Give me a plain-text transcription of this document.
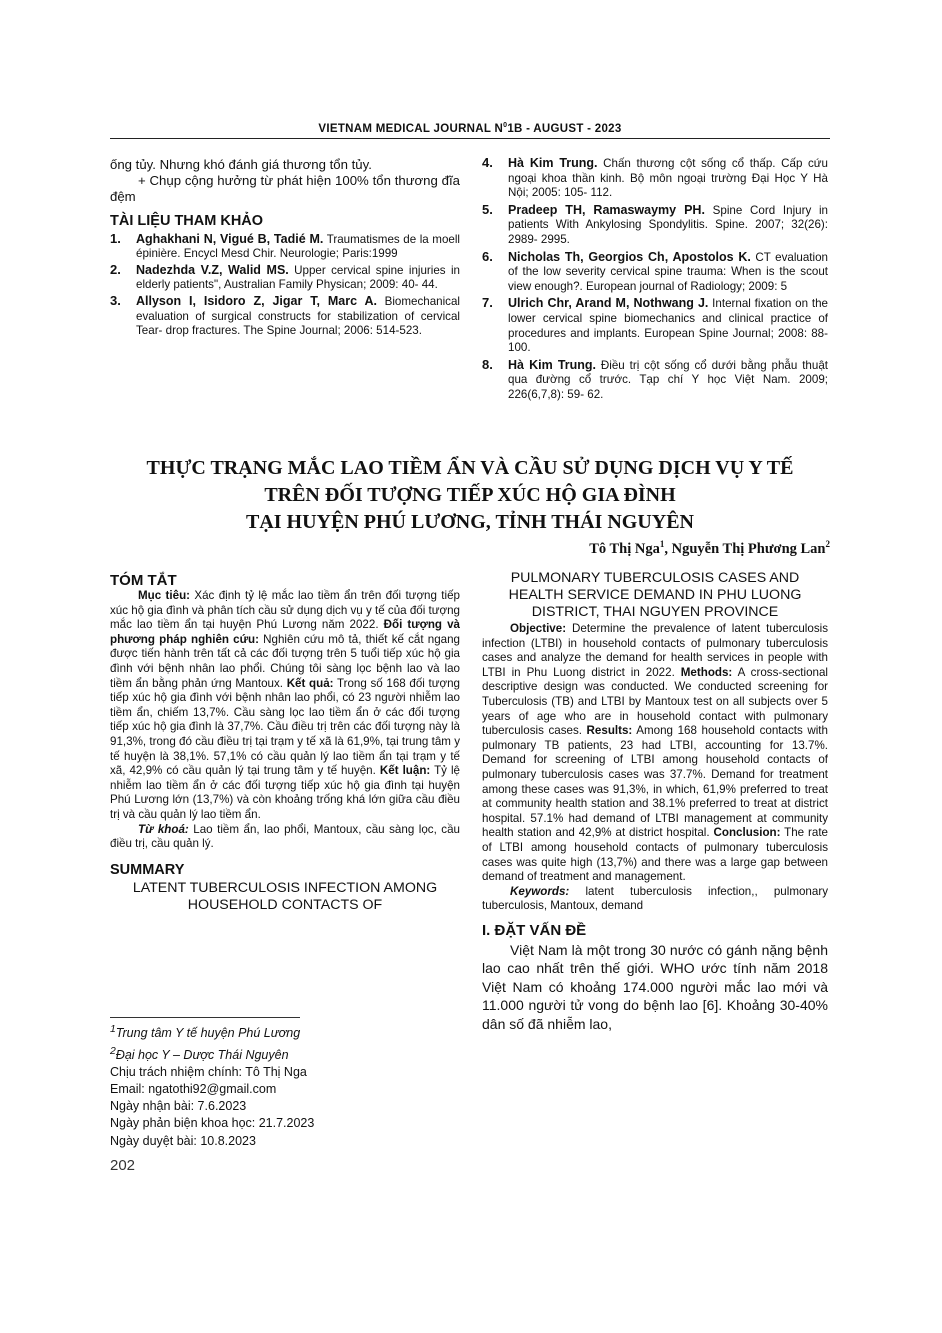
VIETNAM MEDICAL JOURNAL $N^01B$ - AUGUST - 2023
ống tủy. Nhưng khó đánh giá thương tổn tủy.
+ Chụp cộng hưởng từ phát hiện 100% tổn thương đĩa đệm
TÀI LIỆU THAM KHẢO
1. Aghakhani N, Vigué B, Tadié M. Traumatismes de la moell épinière. Encycl Mesd Chir. Neurologie; Paris:1999
2. Nadezhda V.Z, Walid MS. Upper cervical spine injuries in elderly patients", Australian Family Physican; 2009: 40- 44.
3. Allyson I, Isidoro Z, Jigar T, Marc A. Biomechanical evaluation of surgical constructs for stabilization of cervical Tear- drop fractures. The Spine Journal; 2006: 514-523.
4. Hà Kim Trung. Chấn thương cột sống cổ thấp. Cấp cứu ngoại khoa thần kinh. Bộ môn ngoại trường Đại Học Y Hà Nội; 2005: 105- 112.
5. Pradeep TH, Ramaswaymy PH. Spine Cord Injury in patients With Ankylosing Spondylitis. Spine. 2007; 32(26): 2989- 2995.
6. Nicholas Th, Georgios Ch, Apostolos K. CT evaluation of the low severity cervical spine trauma: When is the scout view enough?. European journal of Radiology; 2009: 5
7. Ulrich Chr, Arand M, Nothwang J. Internal fixation on the lower cervical spine biomechanics and clinical practice of procedures and implants. European Spine Journal; 2008: 88- 100.
8. Hà Kim Trung. Điều trị cột sống cổ dưới bằng phẫu thuật qua đường cổ trước. Tạp chí Y học Việt Nam. 2009; 226(6,7,8): 59- 62.
THỰC TRẠNG MẮC LAO TIỀM ẨN VÀ CẦU SỬ DỤNG DỊCH VỤ Y TẾ
TRÊN ĐỐI TƯỢNG TIẾP XÚC HỘ GIA ĐÌNH
TẠI HUYỆN PHÚ LƯƠNG, TỈNH THÁI NGUYÊN
Tô Thị Nga$^1$, Nguyễn Thị Phương Lan$^2$
TÓM TẮT
Mục tiêu: Xác định tỷ lệ mắc lao tiềm ẩn trên đối tượng tiếp xúc hộ gia đình và phân tích cầu sử dụng dịch vụ y tế của đối tượng mắc lao tiềm ẩn tại huyện Phú Lương năm 2022. Đối tượng và phương pháp nghiên cứu: Nghiên cứu mô tả, thiết kế cắt ngang được tiến hành trên tất cả các đối tượng trên 5 tuổi tiếp xúc hộ gia đình với bệnh nhân lao phổi. Chúng tôi sàng lọc bệnh lao và lao tiềm ẩn bằng phản ứng Mantoux. Kết quả: Trong số 168 đối tượng tiếp xúc hộ gia đình với bệnh nhân lao phổi, có 23 người nhiễm lao tiềm ẩn, chiếm 13,7%. Cầu sàng lọc lao tiềm ẩn ở các đối tượng tiếp xúc hộ gia đình là 37,7%. Cầu điều trị trên các đối tượng này là 91,3%, trong đó cầu điều trị tại trạm y tế xã là 61,9%, tại trung tâm y tế huyện là 38,1%. 57,1% có cầu quản lý lao tiềm ẩn tại trạm y tế xã, 42,9% có cầu quản lý tại trung tâm y tế huyện. Kết luận: Tỷ lệ nhiễm lao tiềm ẩn ở các đối tượng tiếp xúc hộ gia đình tại huyện Phú Lương lớn (13,7%) và còn khoảng trống khá lớn giữa cầu điều trị và cầu quản lý lao tiềm ẩn.
Từ khoá: Lao tiềm ẩn, lao phổi, Mantoux, cầu sàng lọc, cầu điều trị, cầu quản lý.
SUMMARY
LATENT TUBERCULOSIS INFECTION AMONG HOUSEHOLD CONTACTS OF
$^1$Trung tâm Y tế huyện Phú Lương
$^2$Đại học Y – Dược Thái Nguyên
Chịu trách nhiệm chính: Tô Thị Nga
Email: ngatothi92@gmail.com
Ngày nhận bài: 7.6.2023
Ngày phản biện khoa học: 21.7.2023
Ngày duyệt bài: 10.8.2023
202
PULMONARY TUBERCULOSIS CASES AND HEALTH SERVICE DEMAND IN PHU LUONG DISTRICT, THAI NGUYEN PROVINCE
Objective: Determine the prevalence of latent tuberculosis infection (LTBI) in household contacts of pulmonary tuberculosis cases and analyze the demand for health services in people with LTBI in Phu Luong district in 2022. Methods: A cross-sectional descriptive design was conducted. We conducted screening for Tuberculosis (TB) and LTBI by Mantoux test on all subjects over 5 years of age who are in household contact with pulmonary tuberculosis cases. Results: Among 168 household contacts with pulmonary TB patients, 23 had LTBI, accounting for 13.7%. Demand for screening of LTBI among household contacts of pulmonary tuberculosis cases was 37.7%. Demand for treatment among these cases was 91,3%, in which, 61,9% preferred to treat at community health station and 38.1% preferred to treat at district hospital. 57.1% had demand of LTBI management at community health station and 42,9% at district hospital. Conclusion: The rate of LTBI among household contacts of pulmonary tuberculosis cases was quite high (13,7%) and there was a large gap between demand of treatment and management.
Keywords: latent tuberculosis infection,, pulmonary tuberculosis, Mantoux, demand
I. ĐẶT VẤN ĐỀ
Việt Nam là một trong 30 nước có gánh nặng bệnh lao cao nhất trên thế giới. WHO ước tính năm 2018 Việt Nam có khoảng 174.000 người mắc lao mới và 11.000 người tử vong do bệnh lao [6]. Khoảng 30-40% dân số đã nhiễm lao,
